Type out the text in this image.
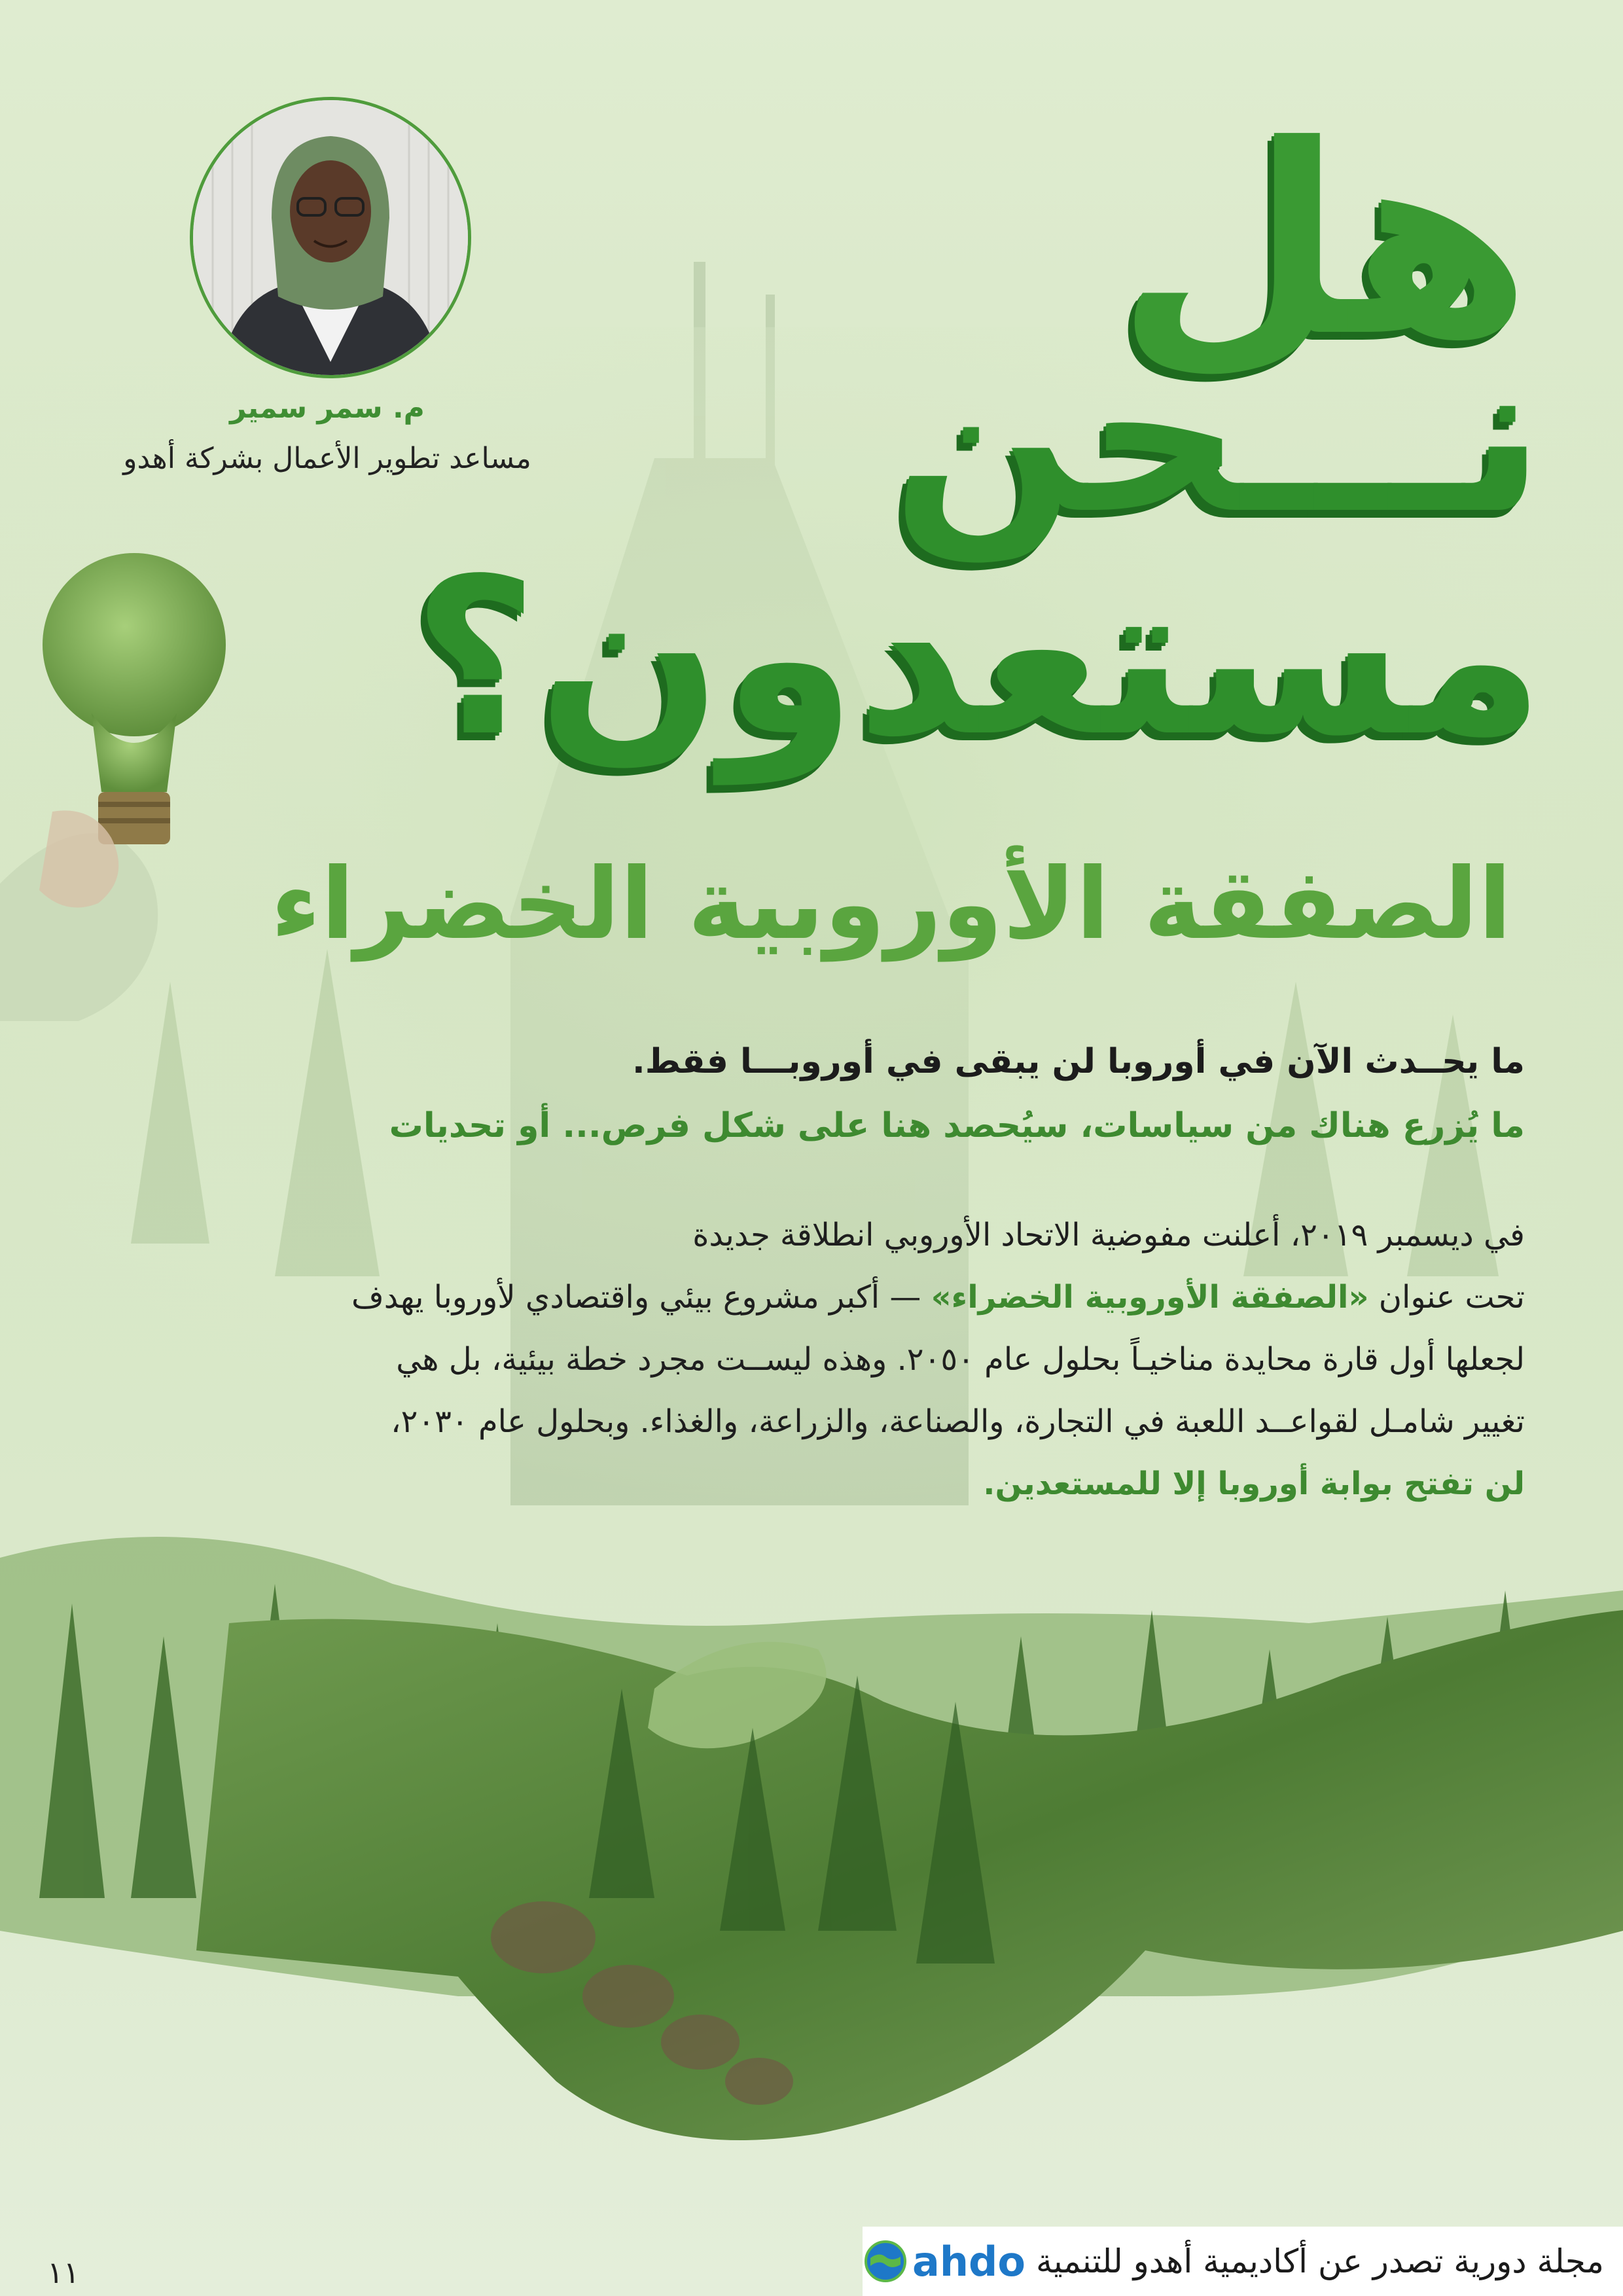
م. سمر سمير
مساعد تطوير الأعمال بشركة أهدو
هل
نـــحن
مستعدون؟
الصفقة الأوروبية الخضراء
ما يحــدث الآن في أوروبا لن يبقى في أوروبـــا فقط.
ما يُزرع هناك من سياسات، سيُحصد هنا على شكل فرص... أو تحديات
في ديسمبر ٢٠١٩، أعلنت مفوضية الاتحاد الأوروبي انطلاقة جديدة
تحت عنوان «الصفقة الأوروبية الخضراء» — أكبر مشروع بيئي واقتصادي لأوروبا يهدف
لجعلها أول قارة محايدة مناخيـاً بحلول عام ٢٠٥٠. وهذه ليســت مجرد خطة بيئية، بل هي
تغيير شامـل لقواعــد اللعبة في التجارة، والصناعة، والزراعة، والغذاء. وبحلول عام ٢٠٣٠،
لن تفتح بوابة أوروبا إلا للمستعدين.
١١	مجلة دورية تصدر عن أكاديمية أهدو للتنمية
ahdo
